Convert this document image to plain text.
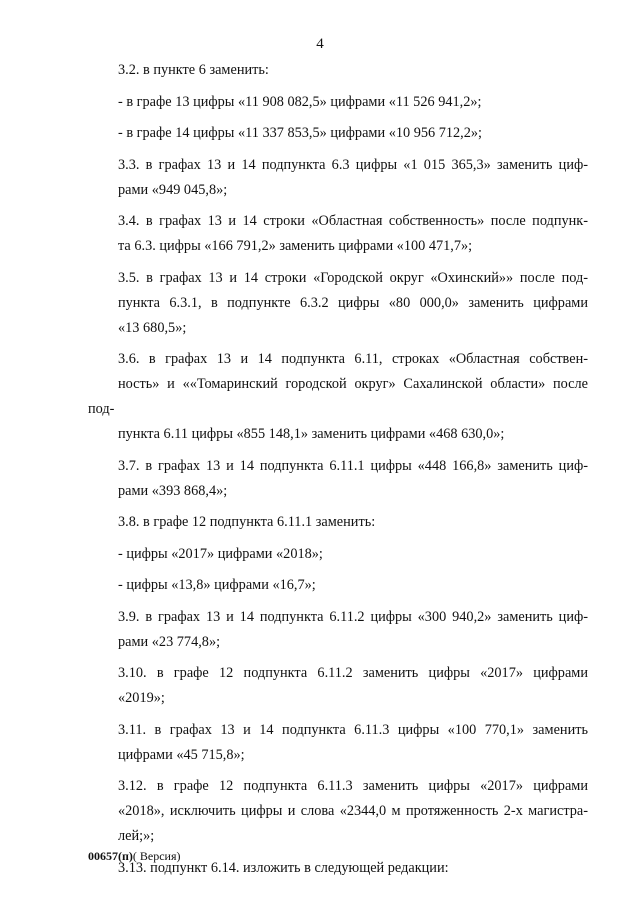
4

3.2. в пункте 6 заменить:

- в графе 13 цифры «11 908 082,5» цифрами «11 526 941,2»;

- в графе 14 цифры «11 337 853,5» цифрами «10 956 712,2»;

3.3. в графах 13 и 14 подпункта 6.3 цифры «1 015 365,3» заменить циф-
рами «949 045,8»;

3.4. в графах 13 и 14 строки «Областная собственность» после подпунк-
та 6.3. цифры «166 791,2» заменить цифрами «100 471,7»;

3.5. в графах 13 и 14 строки «Городской округ «Охинский»» после под-
пункта 6.3.1, в подпункте 6.3.2 цифры «80 000,0» заменить цифрами
«13 680,5»;

3.6. в графах 13 и 14 подпункта 6.11, строках «Областная собствен-
ность» и ««Томаринский городской округ» Сахалинской области» после под-
пункта 6.11 цифры «855 148,1» заменить цифрами «468 630,0»;

3.7. в графах 13 и 14 подпункта 6.11.1 цифры «448 166,8» заменить циф-
рами «393 868,4»;

3.8. в графе 12 подпункта 6.11.1 заменить:

- цифры «2017» цифрами «2018»;

- цифры «13,8» цифрами «16,7»;

3.9. в графах 13 и 14 подпункта 6.11.2 цифры «300 940,2» заменить циф-
рами «23 774,8»;

3.10. в графе 12 подпункта 6.11.2 заменить цифры «2017» цифрами
«2019»;

3.11. в графах 13 и 14 подпункта 6.11.3 цифры «100 770,1» заменить
цифрами «45 715,8»;

3.12. в графе 12 подпункта 6.11.3 заменить цифры «2017» цифрами
«2018», исключить цифры и слова «2344,0 м протяженность 2-х магистра-
лей;»;

3.13. подпункт 6.14. изложить в следующей редакции:

00657(п)( Версия)
